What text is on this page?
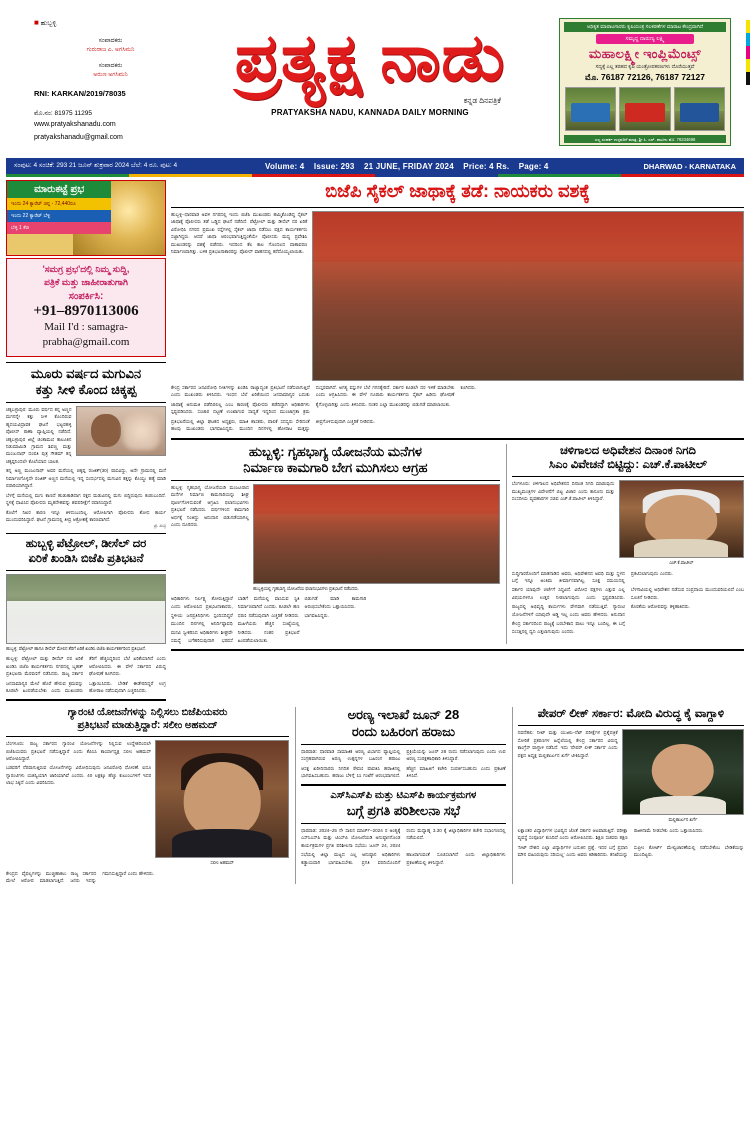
■ ಹುಬ್ಬಳ್ಳಿ
ಸಂಪಾದಕರು
ಗುರುರಾಜ ಎ. ಅಗಸಿಮನಿ
ಸಂಪಾದಕರು
ಅರುಣ ಅಗಸಿಮನಿ
RNI: KARKAN/2019/78035
ಮೊ.ನಂ: 81975 11295
www.pratyakshanadu.com
pratyakshanadu@gmail.com
ಪ್ರತ್ಯಕ್ಷ ನಾಡು
ಕನ್ನಡ ದಿನಪತ್ರಿಕೆ
PRATYAKSHA NADU, KANNADA DAILY MORNING
ಅಧಿಕೃತ ಮಾರಾಟಗಾರರು ಕೃಷಿಯಂತ್ರ ಸಲಕರಣೆಗಳ ಮಾರಾಟ ಕೇಂದ್ರವಾಗಿದೆ
ಸಮೃದ್ಧ ದಾರುಣ್ಯ ಲಕ್ಷ್ಮಿ
ಮಹಾಲಕ್ಷ್ಮೀ ಇಂಪ್ಲಿಮೆಂಟ್ಸ್
ಸದ್ಯಕ್ಕೆ ಎಲ್ಲ ತರಹದ ಕೃಷಿ ಯಂತ್ರೋಪಕರಣಗಳು ದೊರೆಯುತ್ತವೆ
ಮೊ. 76187 72126, 76187 72127
ಎಲ್ಲ ಸಂಪರ್ಕ ಉಳ್ಳವರಿಗೆ ಮಾತ್ರ, ಶ್ರೀ ಸಿ. ಎಸ್. ಪಾಟೀಲ ಮೊ: 76334698
ಸಂಪುಟ: 4 ಸಂಚಿಕೆ: 293 21 ಜೂನ್ ಶುಕ್ರವಾರ 2024 ಬೆಲೆ: 4 ರೂ. ಪುಟ: 4	Volume: 4 Issue: 293 21 JUNE, FRIDAY 2024 Price: 4 Rs. Page: 4	DHARWAD - KARNATAKA
ಮಾರುಕಟ್ಟೆ ಪ್ರಭ
ಇಂದು 24 ಕ್ಯಾರೆಟ್ ಚಿನ್ನ - 72,440ರೂ
ಇಂದು 22 ಕ್ಯಾರೆಟ್ ಬೆಳ್ಳಿ
ಬೆಳ್ಳಿ 1 ಕೆಜಿ
'ಸಮಗ್ರ ಪ್ರಭ'ದಲ್ಲಿ ನಿಮ್ಮ ಸುದ್ದಿ,
ಪತ್ರಿಕೆ ಮತ್ತು ಜಾಹೀರಾತುಗಾಗಿ
ಸಂಪರ್ಕಿಸಿ:
+91–8970113006
Mail I'd : samagra-
prabha@gmail.com
ಮೂರು ವರ್ಷದ ಮಗುವಿನ
ಕತ್ತು ಸೀಳಿ ಕೊಂದ ಚಿಕ್ಕಪ್ಪ
ಚಿಕ್ಕಬಳ್ಳಾಪುರ: ಮೂರು ವರ್ಷದ ತನ್ನ ಅಣ್ಣನ ಮಗನನ್ನೇ ಕತ್ತು ಸೀಳಿ ಕೊಂದಿರುವ ಹೃದಯವಿದ್ರಾವಕ ಘಟನೆ ಭಟ್ಟರಹಳ್ಳಿ ಪೊಲೀಸ್ ಠಾಣಾ ವ್ಯಾಪ್ತಿಯಲ್ಲಿ ನಡೆದಿದೆ. ಚಿಕ್ಕಬಳ್ಳಾಪುರ ಜಿಲ್ಲೆ ಚಿಂತಾಮಣಿ ತಾಲೂಕಿನ ನಿಡುಮಾಮಿಡಿ ಗ್ರಾಮದ ಶಿವಣ್ಣ ಮತ್ತು ಮಂಜುನಾಥ್ ದಂಪತಿ ಪುತ್ರ ಗೌತಮ್ ತನ್ನ ಚಿಕ್ಕಪ್ಪನಿಂದಲೇ ಕೊಲೆಯಾದ ಬಾಲಕ.
ತನ್ನ ಅಣ್ಣ ಮಂಜುನಾಥ್ ಅವರ ಮನೆಯಲ್ಲಿ ಚಿಕ್ಕಪ್ಪ ರಂಜಿತ್(30) ವಾಸವಿದ್ದು, ಅದೇ ಗ್ರಾಮದಲ್ಲಿ ಮನೆ ನಿರ್ಮಾಣಗೊಳ್ಳದೇ ರಂಜಿತ್ ಅಣ್ಣನ ಮನೆಯಲ್ಲಿ ಇದ್ದ ಸಂದರ್ಭದಲ್ಲಿ ಮಗುವಿನ ಕತ್ತನ್ನು ಕೊಯ್ದು ಹತ್ಯೆ ಮಾಡಿ ಪರಾರಿಯಾಗಿದ್ದಾನೆ.
ಬೆಳಗ್ಗೆ ಮನೆಯಲ್ಲಿ ಮಗು ಕಾಣದೆ ಹುಡುಕಾಡಿದಾಗ ರಕ್ತದ ಮಡುವಿನಲ್ಲಿ ಮಗು ಬಿದ್ದಿರುವುದು ಕಂಡುಬಂದಿದೆ. ಸ್ಥಳಕ್ಕೆ ಧಾವಿಸಿದ ಪೊಲೀಸರು ಮೃತದೇಹವನ್ನು ಶವಪರೀಕ್ಷೆಗೆ ರವಾನಿಸಿದ್ದಾರೆ.
ಕೊಲೆಗೆ ನಿಖರ ಕಾರಣ ಇನ್ನೂ ತಿಳಿದುಬಂದಿಲ್ಲ. ಆರೋಪಿಗಾಗಿ ಪೊಲೀಸರು ಶೋಧ ಕಾರ್ಯ ಮುಂದುವರಿಸಿದ್ದಾರೆ. ಘಟನೆ ಗ್ರಾಮದಲ್ಲಿ ತೀವ್ರ ಆಕ್ರೋಶಕ್ಕೆ ಕಾರಣವಾಗಿದೆ.
ಪ್ರ. ಸುದ್ದಿ
ಹುಬ್ಬಳ್ಳಿ ಪೆಟ್ರೋಲ್, ಡೀಸೆಲ್ ದರ
ಏರಿಕೆ ಖಂಡಿಸಿ ಬಿಜೆಪಿ ಪ್ರತಿಭಟನೆ
ಹುಬ್ಬಳ್ಳಿ: ಪೆಟ್ರೋಲ್ ಹಾಗೂ ಡೀಸೆಲ್ ಮೇಲಿನ ತೆರಿಗೆ ಏರಿಕೆ ಖಂಡಿಸಿ ಬಿಜೆಪಿ ಕಾರ್ಯಕರ್ತರಿಂದ ಪ್ರತಿಭಟನೆ.
ಹುಬ್ಬಳ್ಳಿ: ಪೆಟ್ರೋಲ್ ಮತ್ತು ಡೀಸೆಲ್ ದರ ಏರಿಕೆ ಖಂಡಿಸಿ ಬಿಜೆಪಿ ಕಾರ್ಯಕರ್ತರು ನಗರದಲ್ಲಿ ಬೃಹತ್ ಪ್ರತಿಭಟನಾ ಮೆರವಣಿಗೆ ನಡೆಸಿದರು. ರಾಜ್ಯ ಸರ್ಕಾರ ತೆರಿಗೆ ಹೆಚ್ಚಿಸಿದ್ದರಿಂದ ಬೆಲೆ ಏರಿಕೆಯಾಗಿದೆ ಎಂದು ಆರೋಪಿಸಿದರು. ಈ ವೇಳೆ ಸರ್ಕಾರದ ವಿರುದ್ಧ ಘೋಷಣೆ ಕೂಗಿದರು.
ಜನಸಾಮಾನ್ಯರ ಮೇಲೆ ಹೊರೆ ಹೇರುವ ಕ್ರಮವನ್ನು ಕೂಡಲೇ ಹಿಂಪಡೆಯಬೇಕು ಎಂದು ಮುಖಂಡರು ಒತ್ತಾಯಿಸಿದರು. ಬೇಡಿಕೆ ಈಡೇರದಿದ್ದರೆ ಉಗ್ರ ಹೋರಾಟ ನಡೆಸುವುದಾಗಿ ಎಚ್ಚರಿಸಿದರು.
ಬಿಜೆಪಿ ಸೈಕಲ್ ಜಾಥಾಕ್ಕೆ ತಡೆ: ನಾಯಕರು ವಶಕ್ಕೆ
ಹುಬ್ಬಳ್ಳಿ–ಧಾರವಾಡ ಅವಳಿ ನಗರದಲ್ಲಿ ಇಂದು ಬಿಜೆಪಿ ಮುಖಂಡರು ಹಮ್ಮಿಕೊಂಡಿದ್ದ ಸೈಕಲ್ ಜಾಥಾಕ್ಕೆ ಪೊಲೀಸರು ತಡೆ ಒಡ್ಡಿದ ಘಟನೆ ನಡೆದಿದೆ. ಪೆಟ್ರೋಲ್ ಮತ್ತು ಡೀಸೆಲ್ ದರ ಏರಿಕೆ ವಿರೋಧಿಸಿ ನಗರದ ಪ್ರಮುಖ ರಸ್ತೆಗಳಲ್ಲಿ ಸೈಕಲ್ ಜಾಥಾ ನಡೆಸಲು ಪಕ್ಷದ ಕಾರ್ಯಕರ್ತರು ಸಜ್ಜಾಗಿದ್ದರು. ಆದರೆ ಜಾಥಾ ಆರಂಭವಾಗುತ್ತಿದ್ದಂತೆಯೇ ಪೊಲೀಸರು ಮಧ್ಯ ಪ್ರವೇಶಿಸಿ ಮುಖಂಡರನ್ನು ವಶಕ್ಕೆ ಪಡೆದರು. ಇದರಿಂದ ಕೆಲ ಕಾಲ ಗೊಂದಲದ ವಾತಾವರಣ ನಿರ್ಮಾಣವಾಗಿತ್ತು. ಬಳಿಕ ಪ್ರತಿಭಟನಾಕಾರರನ್ನು ಪೊಲೀಸ್ ವಾಹನದಲ್ಲಿ ಕರೆದೊಯ್ಯಲಾಯಿತು.
ಕೇಂದ್ರ ಸರ್ಕಾರದ ಜನವಿರೋಧಿ ನೀತಿಗಳನ್ನು ಖಂಡಿಸಿ ರಾಜ್ಯಾದ್ಯಂತ ಪ್ರತಿಭಟನೆ ನಡೆಸಲಾಗುತ್ತಿದೆ ಎಂದು ಮುಖಂಡರು ತಿಳಿಸಿದರು. ಇಂಧನ ಬೆಲೆ ಏರಿಕೆಯಿಂದ ಜನಸಾಮಾನ್ಯರ ಬದುಕು ದುಸ್ತರವಾಗಿದೆ. ಅಗತ್ಯ ವಸ್ತುಗಳ ಬೆಲೆ ಗಗನಕ್ಕೇರಿದೆ. ಸರ್ಕಾರ ಕೂಡಲೇ ದರ ಇಳಿಕೆ ಮಾಡಬೇಕು ಎಂದು ಆಗ್ರಹಿಸಿದರು. ಈ ವೇಳೆ ನೂರಾರು ಕಾರ್ಯಕರ್ತರು ಸೈಕಲ್ ಹಿಡಿದು ಘೋಷಣೆ ಕೂಗಿದರು.
ಜಾಥಾಕ್ಕೆ ಅನುಮತಿ ಪಡೆದಿರಲಿಲ್ಲ ಎಂಬ ಕಾರಣಕ್ಕೆ ಪೊಲೀಸರು ತಡೆದಿದ್ದಾಗಿ ಅಧಿಕಾರಿಗಳು ಸ್ಪಷ್ಟಪಡಿಸಿದರು. ಸಂಚಾರ ದಟ್ಟಣೆ ಉಂಟಾಗುವ ಸಾಧ್ಯತೆ ಇದ್ದರಿಂದ ಮುಂಜಾಗ್ರತಾ ಕ್ರಮ ಕೈಗೊಳ್ಳಲಾಗಿತ್ತು ಎಂದು ತಿಳಿಸಿದರು. ನಂತರ ಎಲ್ಲಾ ಮುಖಂಡರನ್ನು ಬಿಡುಗಡೆ ಮಾಡಲಾಯಿತು.
ಪ್ರತಿಭಟನೆಯಲ್ಲಿ ಜಿಲ್ಲಾ ಘಟಕದ ಅಧ್ಯಕ್ಷರು, ಮಾಜಿ ಶಾಸಕರು, ಪಾಲಿಕೆ ಸದಸ್ಯರು ಸೇರಿದಂತೆ ಹಲವು ಮುಖಂಡರು ಭಾಗವಹಿಸಿದ್ದರು. ಮುಂದಿನ ದಿನಗಳಲ್ಲಿ ಹೋರಾಟ ಮತ್ತಷ್ಟು ತೀವ್ರಗೊಳಿಸುವುದಾಗಿ ಎಚ್ಚರಿಕೆ ನೀಡಿದರು.
ಹುಬ್ಬಳ್ಳಿ: ಗೃಹಭಾಗ್ಯ ಯೋಜನೆಯ ಮನೆಗಳ
ನಿರ್ಮಾಣ ಕಾಮಗಾರಿ ಬೇಗ ಮುಗಿಸಲು ಆಗ್ರಹ
ಹುಬ್ಬಳ್ಳಿ: ಗೃಹಭಾಗ್ಯ ಯೋಜನೆಯಡಿ ಮಂಜೂರಾದ ಮನೆಗಳ ನಿರ್ಮಾಣ ಕಾಮಗಾರಿಯನ್ನು ಶೀಘ್ರ ಪೂರ್ಣಗೊಳಿಸುವಂತೆ ಆಗ್ರಹಿಸಿ ಫಲಾನುಭವಿಗಳು ಪ್ರತಿಭಟನೆ ನಡೆಸಿದರು. ವರ್ಷಗಳಿಂದ ಕಾಮಗಾರಿ ಅರ್ಧಕ್ಕೆ ನಿಂತಿದ್ದು ಅನುದಾನ ಬಿಡುಗಡೆಯಾಗಿಲ್ಲ ಎಂದು ದೂರಿದರು.
ಹುಬ್ಬಳ್ಳಿಯಲ್ಲಿ ಗೃಹಭಾಗ್ಯ ಯೋಜನೆಯ ಫಲಾನುಭವಿಗಳು ಪ್ರತಿಭಟನೆ ನಡೆಸಿದರು.
ಅಧಿಕಾರಿಗಳು ನಿರ್ಲಕ್ಷ್ಯ ತೋರುತ್ತಿದ್ದಾರೆ ಎಂದು ಆರೋಪಿಸಿದ ಪ್ರತಿಭಟನಾಕಾರರು, ಬಾಡಿಗೆ ಮನೆಯಲ್ಲಿ ವಾಸಿಸುವ ಸ್ಥಿತಿ ನಿರ್ಮಾಣವಾಗಿದೆ ಎಂದರು. ಕೂಡಲೇ ಹಣ ಬಿಡುಗಡೆ ಮಾಡಿ ಕಾಮಗಾರಿ ಆರಂಭಿಸಬೇಕೆಂದು ಒತ್ತಾಯಿಸಿದರು.
ಸ್ಥಳೀಯ ಜನಪ್ರತಿನಿಧಿಗಳು ಸ್ಪಂದಿಸದಿದ್ದರೆ ಮುಂದಿನ ದಿನಗಳಲ್ಲಿ ಅನಿರ್ದಿಷ್ಟಾವಧಿ ಧರಣಿ ನಡೆಸುವುದಾಗಿ ಎಚ್ಚರಿಕೆ ನೀಡಿದರು. ಮಹಿಳೆಯರು ಹೆಚ್ಚಿನ ಸಂಖ್ಯೆಯಲ್ಲಿ ಭಾಗವಹಿಸಿದ್ದರು.
ಮನವಿ ಸ್ವೀಕರಿಸಿದ ಅಧಿಕಾರಿಗಳು ಶೀಘ್ರವೇ ಸಮಸ್ಯೆ ಬಗೆಹರಿಸುವುದಾಗಿ ಭರವಸೆ ನೀಡಿದರು. ನಂತರ ಪ್ರತಿಭಟನೆ ಹಿಂಪಡೆಯಲಾಯಿತು.
ಚಳಿಗಾಲದ ಅಧಿವೇಶನ ದಿನಾಂಕ ನಿಗದಿ
ಸಿಎಂ ವಿವೇಚನೆ ಬಿಟ್ಟಿದ್ದು: ಎಚ್.ಕೆ.ಪಾಟೀಲ್
ಬೆಂಗಳೂರು: ಚಳಿಗಾಲದ ಅಧಿವೇಶನದ ದಿನಾಂಕ ನಿಗದಿ ಮಾಡುವುದು ಮುಖ್ಯಮಂತ್ರಿಗಳ ವಿವೇಚನೆಗೆ ಬಿಟ್ಟ ವಿಚಾರ ಎಂದು ಕಾನೂನು ಮತ್ತು ಸಂಸದೀಯ ವ್ಯವಹಾರಗಳ ಸಚಿವ ಎಚ್.ಕೆ.ಪಾಟೀಲ್ ತಿಳಿಸಿದ್ದಾರೆ.
ಎಚ್.ಕೆ.ಪಾಟೀಲ್
ಸುದ್ದಿಗಾರರೊಂದಿಗೆ ಮಾತನಾಡಿದ ಅವರು, ಅಧಿವೇಶನದ ಅವಧಿ ಮತ್ತು ಸ್ಥಳದ ಬಗ್ಗೆ ಇನ್ನೂ ಅಂತಿಮ ತೀರ್ಮಾನವಾಗಿಲ್ಲ. ಸೂಕ್ತ ಸಮಯದಲ್ಲಿ ಪ್ರಕಟಿಸಲಾಗುವುದು ಎಂದರು.
ಸರ್ಕಾರ ಯಾವುದೇ ಚರ್ಚೆಗೆ ಸಿದ್ಧವಿದೆ. ವಿರೋಧ ಪಕ್ಷಗಳು ಎತ್ತುವ ಎಲ್ಲ ವಿಷಯಗಳಿಗೂ ಉತ್ತರ ನೀಡಲಾಗುವುದು ಎಂದು ಸ್ಪಷ್ಟಪಡಿಸಿದರು. ಬೆಳಗಾವಿಯಲ್ಲಿ ಅಧಿವೇಶನ ನಡೆಸುವ ಸಂಪ್ರದಾಯ ಮುಂದುವರಿಯಲಿದೆ ಎಂಬ ಸೂಚನೆ ನೀಡಿದರು.
ರಾಜ್ಯದಲ್ಲಿ ಅಭಿವೃದ್ಧಿ ಕಾರ್ಯಗಳು ವೇಗವಾಗಿ ನಡೆಯುತ್ತಿವೆ. ಗ್ಯಾರಂಟಿ ಯೋಜನೆಗಳಿಗೆ ಯಾವುದೇ ಅಡ್ಡಿ ಇಲ್ಲ ಎಂದು ಅವರು ಹೇಳಿದರು. ಅನುದಾನ ಕೊರತೆಯ ಆರೋಪವನ್ನು ತಳ್ಳಿಹಾಕಿದರು.
ಕೇಂದ್ರ ಸರ್ಕಾರದಿಂದ ರಾಜ್ಯಕ್ಕೆ ಬರಬೇಕಾದ ಪಾಲು ಇನ್ನೂ ಬಂದಿಲ್ಲ. ಈ ಬಗ್ಗೆ ಸಂಸತ್ತಿನಲ್ಲಿ ಧ್ವನಿ ಎತ್ತಲಾಗುವುದು ಎಂದರು.
ಗ್ಯಾರಂಟಿ ಯೋಜನೆಗಳನ್ನು ನಿಲ್ಲಿಸಲು ಬಿಜೆಪಿಯವರು
ಪ್ರತಿಭಟನೆ ಮಾಡುತ್ತಿದ್ದಾರೆ: ಸಲೀಂ ಅಹಮದ್
ಬೆಂಗಳೂರು: ರಾಜ್ಯ ಸರ್ಕಾರದ ಗ್ಯಾರಂಟಿ ಯೋಜನೆಗಳನ್ನು ನಿಲ್ಲಿಸುವ ಉದ್ದೇಶದಿಂದಲೇ ಬಿಜೆಪಿಯವರು ಪ್ರತಿಭಟನೆ ನಡೆಸುತ್ತಿದ್ದಾರೆ ಎಂದು ಕೆಪಿಸಿಸಿ ಕಾರ್ಯಾಧ್ಯಕ್ಷ ಸಲೀಂ ಅಹಮದ್ ಆರೋಪಿಸಿದ್ದಾರೆ.
ಬಡವರಿಗೆ ನೆರವಾಗುತ್ತಿರುವ ಯೋಜನೆಗಳನ್ನು ವಿರೋಧಿಸುವುದು ಜನವಿರೋಧಿ ಧೋರಣೆ. ಐದೂ ಗ್ಯಾರಂಟಿಗಳು ಯಶಸ್ವಿಯಾಗಿ ಜಾರಿಯಾಗಿವೆ ಎಂದರು. 40 ಲಕ್ಷಕ್ಕೂ ಹೆಚ್ಚು ಕುಟುಂಬಗಳಿಗೆ ಇದರ ಲಾಭ ಸಿಕ್ಕಿದೆ ಎಂದು ವಿವರಿಸಿದರು.
ಸಲೀಂ ಅಹಮದ್
ಕೇಂದ್ರದ ವೈಫಲ್ಯಗಳನ್ನು ಮುಚ್ಚಿಹಾಕಲು ರಾಜ್ಯ ಸರ್ಕಾರದ ಮೇಲೆ ಆರೋಪ ಮಾಡಲಾಗುತ್ತಿದೆ. ಜನರು ಇದನ್ನು ಗಮನಿಸುತ್ತಿದ್ದಾರೆ ಎಂದು ಹೇಳಿದರು.
ಅರಣ್ಯ ಇಲಾಖೆ ಜೂನ್ 28
ರಂದು ಬಹಿರಂಗ ಹರಾಜು
ಧಾರವಾಡ: ಧಾರವಾಡ ಸಾಮಾಜಿಕ ಅರಣ್ಯ ವಿಭಾಗದ ವ್ಯಾಪ್ತಿಯಲ್ಲಿ ಸಂಗ್ರಹವಾಗಿರುವ ಅರಣ್ಯ ಉತ್ಪನ್ನಗಳ ಬಹಿರಂಗ ಹರಾಜು ಪ್ರಕ್ರಿಯೆಯನ್ನು ಜೂನ್ 28 ರಂದು ನಡೆಸಲಾಗುವುದು ಎಂದು ಉಪ ಅರಣ್ಯ ಸಂರಕ್ಷಣಾಧಿಕಾರಿ ತಿಳಿಸಿದ್ದಾರೆ.
ಆಸಕ್ತ ಖರೀದಿದಾರರು ನಿಗದಿತ ಠೇವಣಿ ಪಾವತಿಸಿ ಹರಾಜಿನಲ್ಲಿ ಭಾಗವಹಿಸಬಹುದು. ಹರಾಜು ಬೆಳಿಗ್ಗೆ 11 ಗಂಟೆಗೆ ಆರಂಭವಾಗಲಿದೆ. ಹೆಚ್ಚಿನ ಮಾಹಿತಿಗೆ ಕಚೇರಿ ಸಂಪರ್ಕಿಸಬಹುದು ಎಂದು ಪ್ರಕಟಣೆ ತಿಳಿಸಿದೆ.
ಎಸ್‌ಸಿಎಸ್‌ಪಿ ಮತ್ತು ಟಿಎಸ್‌ಪಿ ಕಾರ್ಯಕ್ರಮಗಳ
ಬಗ್ಗೆ ಪ್ರಗತಿ ಪರಿಶೀಲನಾ ಸಭೆ
ಧಾರವಾಡ: 2024–25 ನೇ ಸಾಲಿನ ಮಾರ್ಚ್–2024 ರ ಅಂತ್ಯಕ್ಕೆ ಎಸ್‌ಸಿಎಸ್‌ಪಿ ಮತ್ತು ಟಿಎಸ್‌ಪಿ ಯೋಜನೆಯಡಿ ಅನುಷ್ಠಾನಗೊಂಡ ಕಾರ್ಯಕ್ರಮಗಳ ಪ್ರಗತಿ ಪರಿಶೀಲನಾ ಸಭೆಯು ಜೂನ್ 24, 2024 ರಂದು ಮಧ್ಯಾಹ್ನ 3.30 ಕ್ಕೆ ಜಿಲ್ಲಾಧಿಕಾರಿಗಳ ಕಚೇರಿ ಸಭಾಂಗಣದಲ್ಲಿ ನಡೆಯಲಿದೆ.
ಸಭೆಯಲ್ಲಿ ಜಿಲ್ಲಾ ಮಟ್ಟದ ಎಲ್ಲ ಅನುಷ್ಠಾನ ಅಧಿಕಾರಿಗಳು ಕಡ್ಡಾಯವಾಗಿ ಭಾಗವಹಿಸಬೇಕು. ಪ್ರಗತಿ ವರದಿಯೊಂದಿಗೆ ಹಾಜರಾಗುವಂತೆ ಸೂಚಿಸಲಾಗಿದೆ ಎಂದು ಜಿಲ್ಲಾಧಿಕಾರಿಗಳು ಪ್ರಕಟಣೆಯಲ್ಲಿ ತಿಳಿಸಿದ್ದಾರೆ.
ಪೇಪರ್ ಲೀಕ್ ಸರ್ಕಾರ: ಮೋದಿ ವಿರುದ್ಧ ಕೈ ವಾಗ್ದಾಳಿ
ನವದೆಹಲಿ: ನೀಟ್ ಮತ್ತು ಯುಜಿಸಿ–ನೆಟ್ ಪರೀಕ್ಷೆಗಳ ಪ್ರಶ್ನೆಪತ್ರಿಕೆ ಸೋರಿಕೆ ಪ್ರಕರಣಗಳ ಹಿನ್ನೆಲೆಯಲ್ಲಿ ಕೇಂದ್ರ ಸರ್ಕಾರದ ವಿರುದ್ಧ ಕಾಂಗ್ರೆಸ್ ವಾಗ್ದಾಳಿ ನಡೆಸಿದೆ. ಇದು 'ಪೇಪರ್ ಲೀಕ್ ಸರ್ಕಾರ' ಎಂದು ಪಕ್ಷದ ಅಧ್ಯಕ್ಷ ಮಲ್ಲಿಕಾರ್ಜುನ ಖರ್ಗೆ ಟೀಕಿಸಿದ್ದಾರೆ.
ಮಲ್ಲಿಕಾರ್ಜುನ ಖರ್ಗೆ
ಲಕ್ಷಾಂತರ ವಿದ್ಯಾರ್ಥಿಗಳ ಭವಿಷ್ಯದ ಜೊತೆ ಸರ್ಕಾರ ಆಟವಾಡುತ್ತಿದೆ. ಪರೀಕ್ಷಾ ವ್ಯವಸ್ಥೆ ಸಂಪೂರ್ಣ ಕುಸಿದಿದೆ ಎಂದು ಆರೋಪಿಸಿದರು. ಶಿಕ್ಷಣ ಸಚಿವರು ತಕ್ಷಣ ರಾಜೀನಾಮೆ ನೀಡಬೇಕು ಎಂದು ಒತ್ತಾಯಿಸಿದರು.
'ನೀಟ್ ದೇಶದ ಎಲ್ಲಾ ವಿದ್ಯಾರ್ಥಿಗಳ ಬದುಕಿನ ಪ್ರಶ್ನೆ. ಇದರ ಬಗ್ಗೆ ಪ್ರಧಾನಿ ಮೌನ ವಹಿಸಿರುವುದು ಸರಿಯಲ್ಲ' ಎಂದು ಅವರು ಕಿಡಿಕಾರಿದರು. ತನಿಖೆಯನ್ನು ಸುಪ್ರೀಂ ಕೋರ್ಟ್ ಮೇಲ್ವಿಚಾರಣೆಯಲ್ಲಿ ನಡೆಸಬೇಕೆಂಬ ಬೇಡಿಕೆಯನ್ನು ಮುಂದಿಟ್ಟರು.
